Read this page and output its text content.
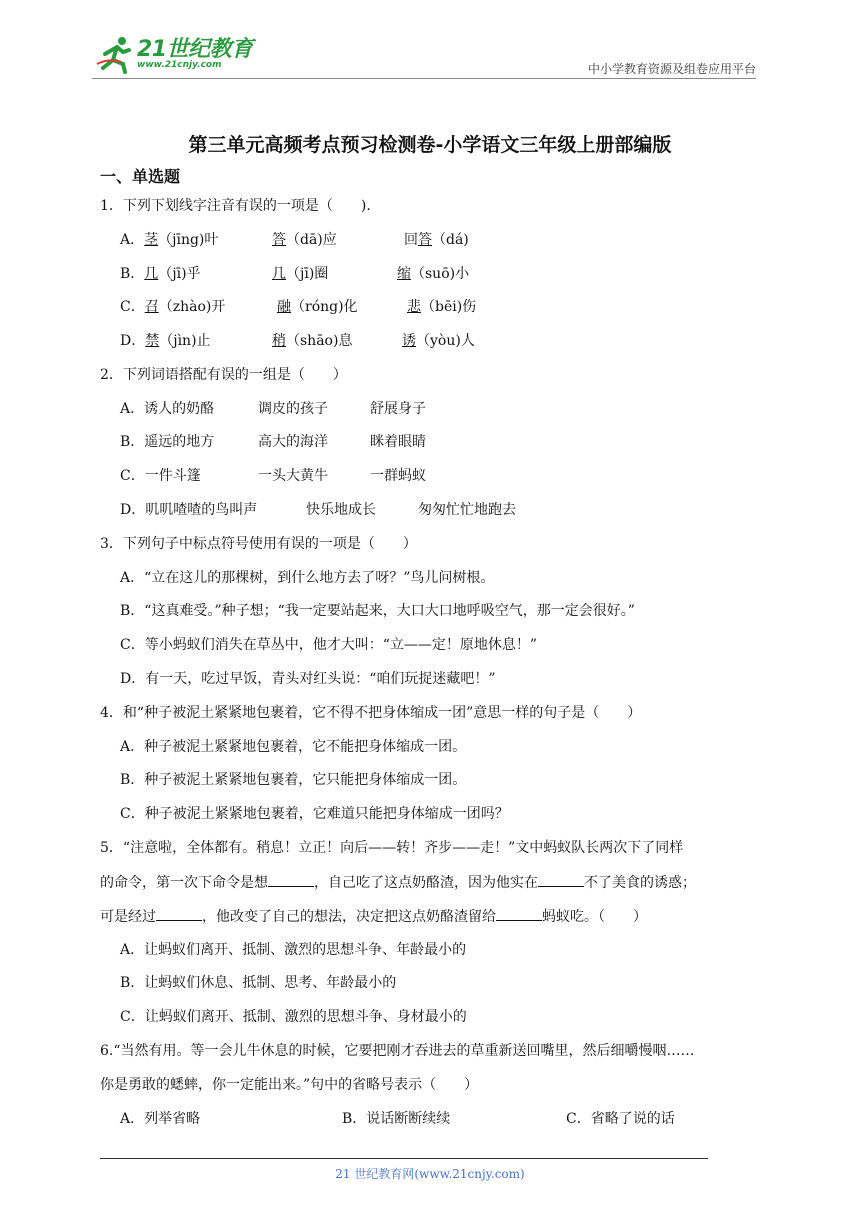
21世纪教育
www.21cnjy.com	中小学教育资源及组卷应用平台
第三单元高频考点预习检测卷-小学语文三年级上册部编版
一、单选题
1．下列下划线字注音有误的一项是（　　).
A．茎（jīng)叶	答（dā)应	回答（dá)
B．几（jī)乎	几（jī)圈	缩（suō)小
C．召（zhào)开	融（róng)化	悲（bēi)伤
D．禁（jìn)止	稍（shāo)息	诱（yòu)人
2．下列词语搭配有误的一组是（　　）
A．诱人的奶酪	调皮的孩子	舒展身子
B．遥远的地方	高大的海洋	眯着眼睛
C．一件斗篷	一头大黄牛	一群蚂蚁
D．叽叽喳喳的鸟叫声	快乐地成长	匆匆忙忙地跑去
3．下列句子中标点符号使用有误的一项是（　　）
A．“立在这儿的那棵树，到什么地方去了呀？”鸟儿问树根。
B．“这真难受。”种子想；“我一定要站起来，大口大口地呼吸空气，那一定会很好。”
C．等小蚂蚁们消失在草丛中，他才大叫：“立——定！原地休息！”
D．有一天，吃过早饭，青头对红头说：“咱们玩捉迷藏吧！”
4．和“种子被泥土紧紧地包裹着，它不得不把身体缩成一团”意思一样的句子是（　　）
A．种子被泥土紧紧地包裹着，它不能把身体缩成一团。
B．种子被泥土紧紧地包裹着，它只能把身体缩成一团。
C．种子被泥土紧紧地包裹着，它难道只能把身体缩成一团吗？
5．“注意啦，全体都有。稍息！立正！向后——转！齐步——走！”文中蚂蚁队长两次下了同样
的命令，第一次下命令是想	，自己吃了这点奶酪渣，因为他实在	不了美食的诱惑；
可是经过	，他改变了自己的想法，决定把这点奶酪渣留给	蚂蚁吃。（　　）
A．让蚂蚁们离开、抵制、激烈的思想斗争、年龄最小的
B．让蚂蚁们休息、抵制、思考、年龄最小的
C．让蚂蚁们离开、抵制、激烈的思想斗争、身材最小的
6.“当然有用。等一会儿牛休息的时候，它要把刚才吞进去的草重新送回嘴里，然后细嚼慢咽……
你是勇敢的蟋蟀，你一定能出来。”句中的省略号表示（　　）
A．列举省略	B．说话断断续续	C．省略了说的话
21 世纪教育网(www.21cnjy.com)
